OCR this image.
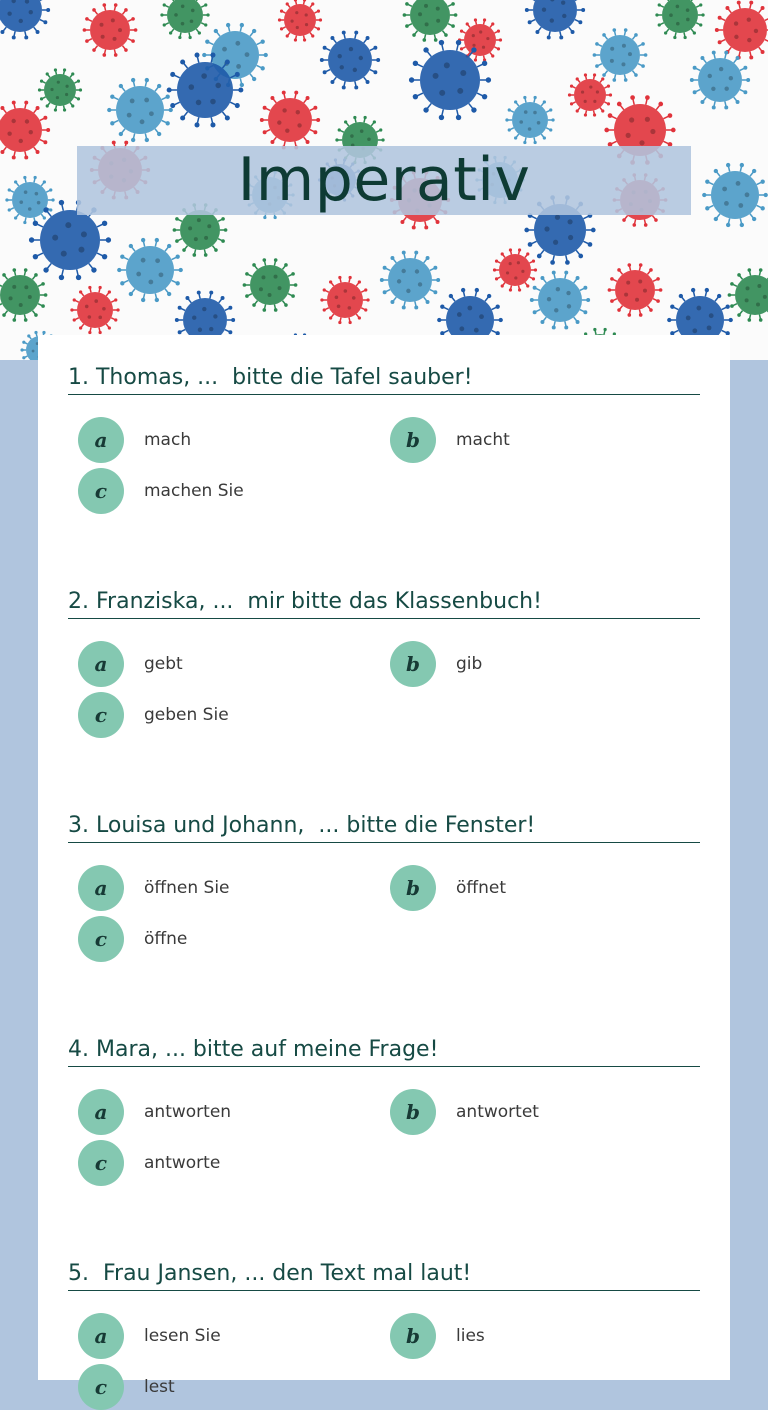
Imperativ
1. Thomas, ...  bitte die Tafel sauber!
a	mach	b	macht
c	machen Sie
2. Franziska, ...  mir bitte das Klassenbuch!
a	gebt	b	gib
c	geben Sie
3. Louisa und Johann,  ... bitte die Fenster!
a	öffnen Sie	b	öffnet
c	öffne
4. Mara, ... bitte auf meine Frage!
a	antworten	b	antwortet
c	antworte
5.  Frau Jansen, ... den Text mal laut!
a	lesen Sie	b	lies
c	lest
